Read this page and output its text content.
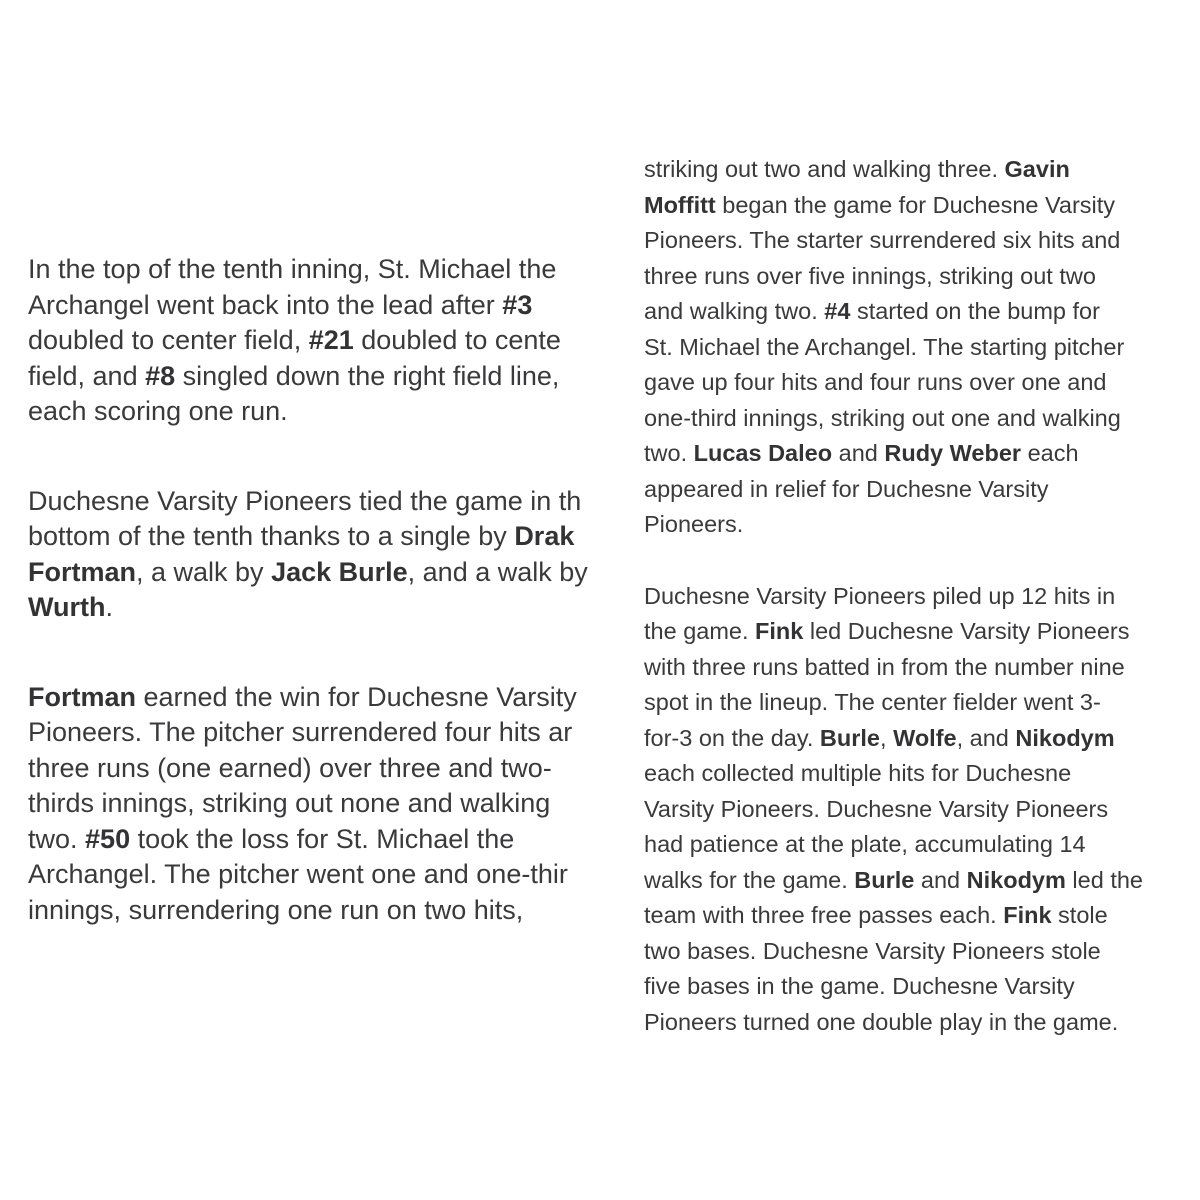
In the top of the tenth inning, St. Michael the

Archangel went back into the lead after #3

doubled to center field, #21 doubled to cente

field, and #8 singled down the right field line,

each scoring one run.

Duchesne Varsity Pioneers tied the game in th

bottom of the tenth thanks to a single by Drak

Fortman, a walk by Jack Burle, and a walk by

Wurth.

Fortman earned the win for Duchesne Varsity

Pioneers. The pitcher surrendered four hits ar

three runs (one earned) over three and two-

thirds innings, striking out none and walking

two. #50 took the loss for St. Michael the

Archangel. The pitcher went one and one-thir

innings, surrendering one run on two hits,

striking out two and walking three. Gavin

Moffitt began the game for Duchesne Varsity

Pioneers. The starter surrendered six hits and

three runs over five innings, striking out two

and walking two. #4 started on the bump for

St. Michael the Archangel. The starting pitcher

gave up four hits and four runs over one and

one-third innings, striking out one and walking

two. Lucas Daleo and Rudy Weber each

appeared in relief for Duchesne Varsity

Pioneers.

Duchesne Varsity Pioneers piled up 12 hits in

the game. Fink led Duchesne Varsity Pioneers

with three runs batted in from the number nine

spot in the lineup. The center fielder went 3-

for-3 on the day. Burle, Wolfe, and Nikodym

each collected multiple hits for Duchesne

Varsity Pioneers. Duchesne Varsity Pioneers

had patience at the plate, accumulating 14

walks for the game. Burle and Nikodym led the

team with three free passes each. Fink stole

two bases. Duchesne Varsity Pioneers stole

five bases in the game. Duchesne Varsity

Pioneers turned one double play in the game.
